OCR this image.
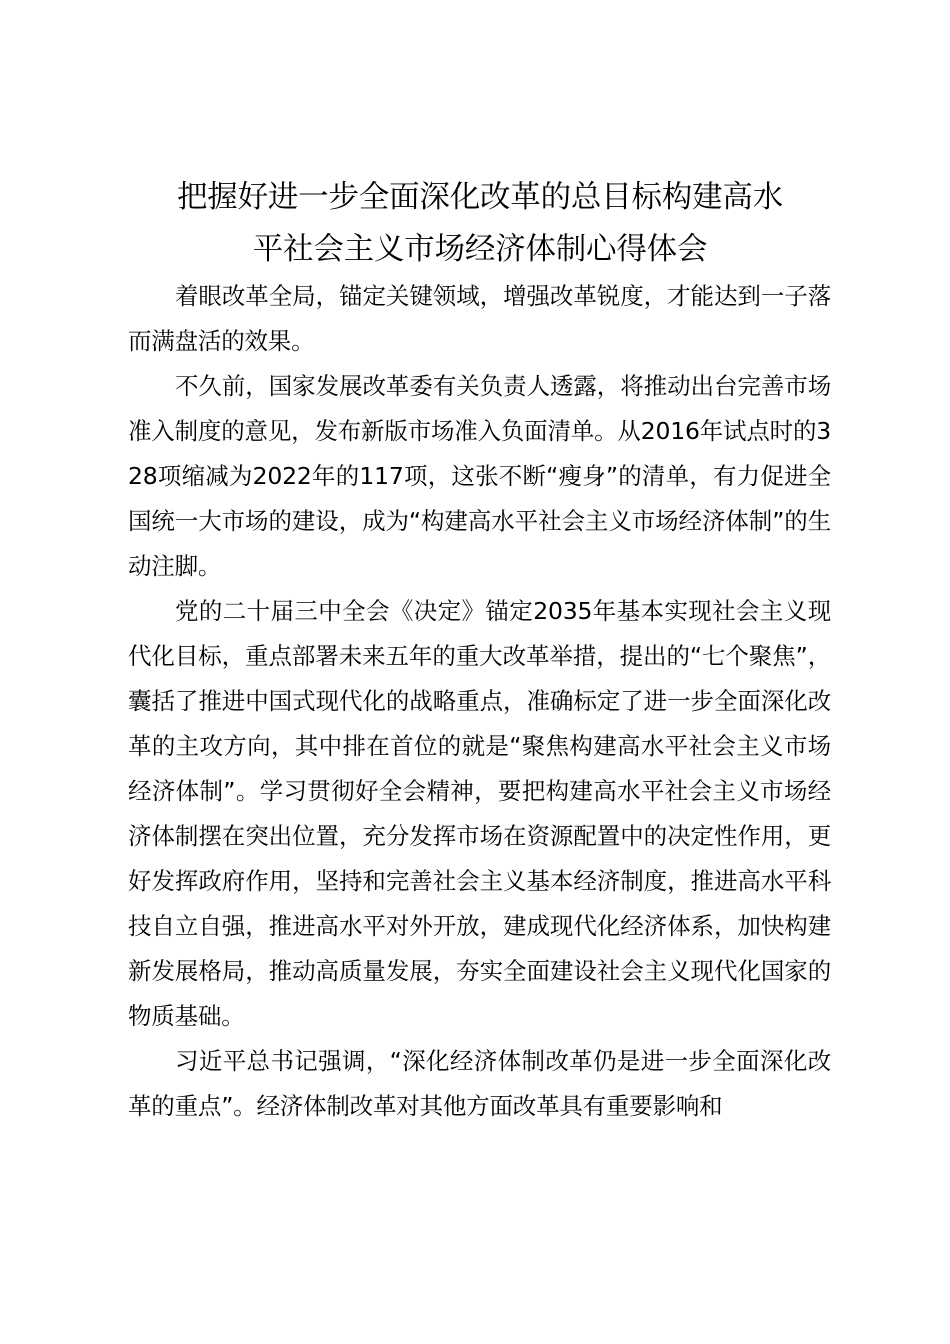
把握好进一步全面深化改革的总目标构建高水
平社会主义市场经济体制心得体会

着眼改革全局，锚定关键领域，增强改革锐度，才能达到一子落而满盘活的效果。

不久前，国家发展改革委有关负责人透露，将推动出台完善市场准入制度的意见，发布新版市场准入负面清单。从2016年试点时的328项缩减为2022年的117项，这张不断“瘦身”的清单，有力促进全国统一大市场的建设，成为“构建高水平社会主义市场经济体制”的生动注脚。

党的二十届三中全会《决定》锚定2035年基本实现社会主义现代化目标，重点部署未来五年的重大改革举措，提出的“七个聚焦”，囊括了推进中国式现代化的战略重点，准确标定了进一步全面深化改革的主攻方向，其中排在首位的就是“聚焦构建高水平社会主义市场经济体制”。学习贯彻好全会精神，要把构建高水平社会主义市场经济体制摆在突出位置，充分发挥市场在资源配置中的决定性作用，更好发挥政府作用，坚持和完善社会主义基本经济制度，推进高水平科技自立自强，推进高水平对外开放，建成现代化经济体系，加快构建新发展格局，推动高质量发展，夯实全面建设社会主义现代化国家的物质基础。

习近平总书记强调，“深化经济体制改革仍是进一步全面深化改革的重点”。经济体制改革对其他方面改革具有重要影响和
